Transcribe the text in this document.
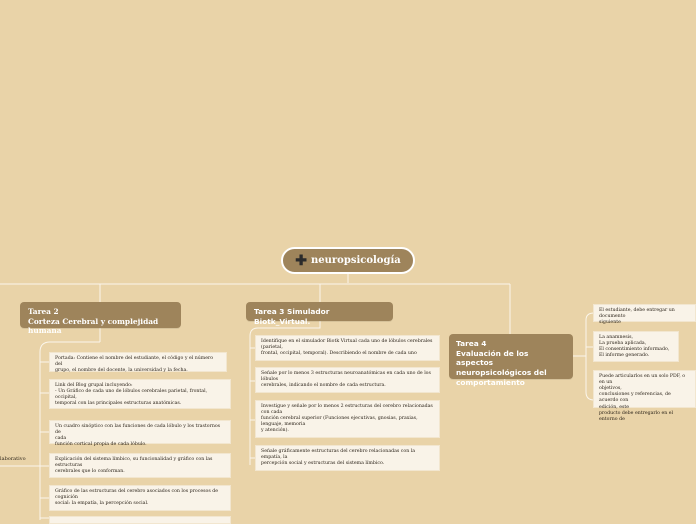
✚ neuropsicología
Tarea 2
Corteza Cerebral y complejidad humana
Portada: Contiene el nombre del estudiante, el código y el número del
grupo, el nombre del docente, la universidad y la fecha.
Link del Blog grupal incluyendo:
- Un Gráfico de cada uno de lóbulos cerebrales parietal, frontal, occipital,
temporal con las principales estructuras anatómicas.
Un cuadro sinóptico con las funciones de cada lóbulo y los trastornos de
cada
función cortical propia de cada lóbulo.
Explicación del sistema límbico, su funcionalidad y gráfico con las
estructuras
cerebrales que lo conforman.
Gráfico de las estructuras del cerebro asociados con los procesos de
cognición
social: la empatía, la percepción social.
laborativo
Tarea 3 Simulador Biotk_Virtual.
Identifique en el simulador Biotk Virtual cada uno de lóbulos cerebrales
(parietal,
frontal, occipital, temporal). Describiendo el nombre de cada uno
Señale por lo menos 3 estructuras neuroanatómicas en cada uno de los
lóbulos
cerebrales, indicando el nombre de cada estructura.
Investigue y señale por lo menos 2 estructuras del cerebro relacionadas
con cada
función cerebral superior (Funciones ejecutivas, gnosias, praxias,
lenguaje, memoria
y atención).
Señale gráficamente estructuras del cerebro relacionadas con la
empatía, la
percepción social y estructuras del sistema límbico.
Tarea 4
Evaluación de los aspectos
neuropsicológicos del
comportamiento
El estudiante, debe entregar un documento
siguiente
La anamnesis,
La prueba aplicada,
El consentimiento informado,
El informe generado.
Puede articularlos en un solo PDF, o en un
objetivos,
conclusiones y referencias, de acuerdo con
edición, este
producto debe entregarlo en el entorno de
